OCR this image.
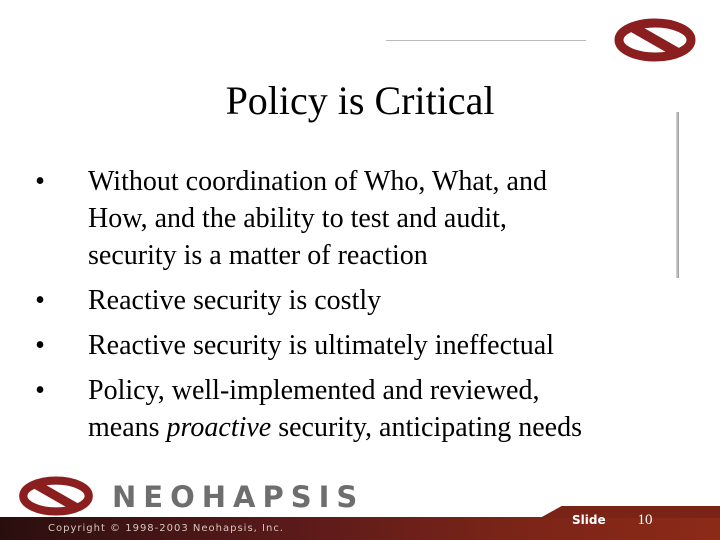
Policy is Critical
• Without coordination of Who, What, and
How, and the ability to test and audit,
security is a matter of reaction
• Reactive security is costly
• Reactive security is ultimately ineffectual
• Policy, well-implemented and reviewed,
means proactive security, anticipating needs
NEOHAPSIS
Copyright © 1998-2003 Neohapsis, Inc.
Slide	10
